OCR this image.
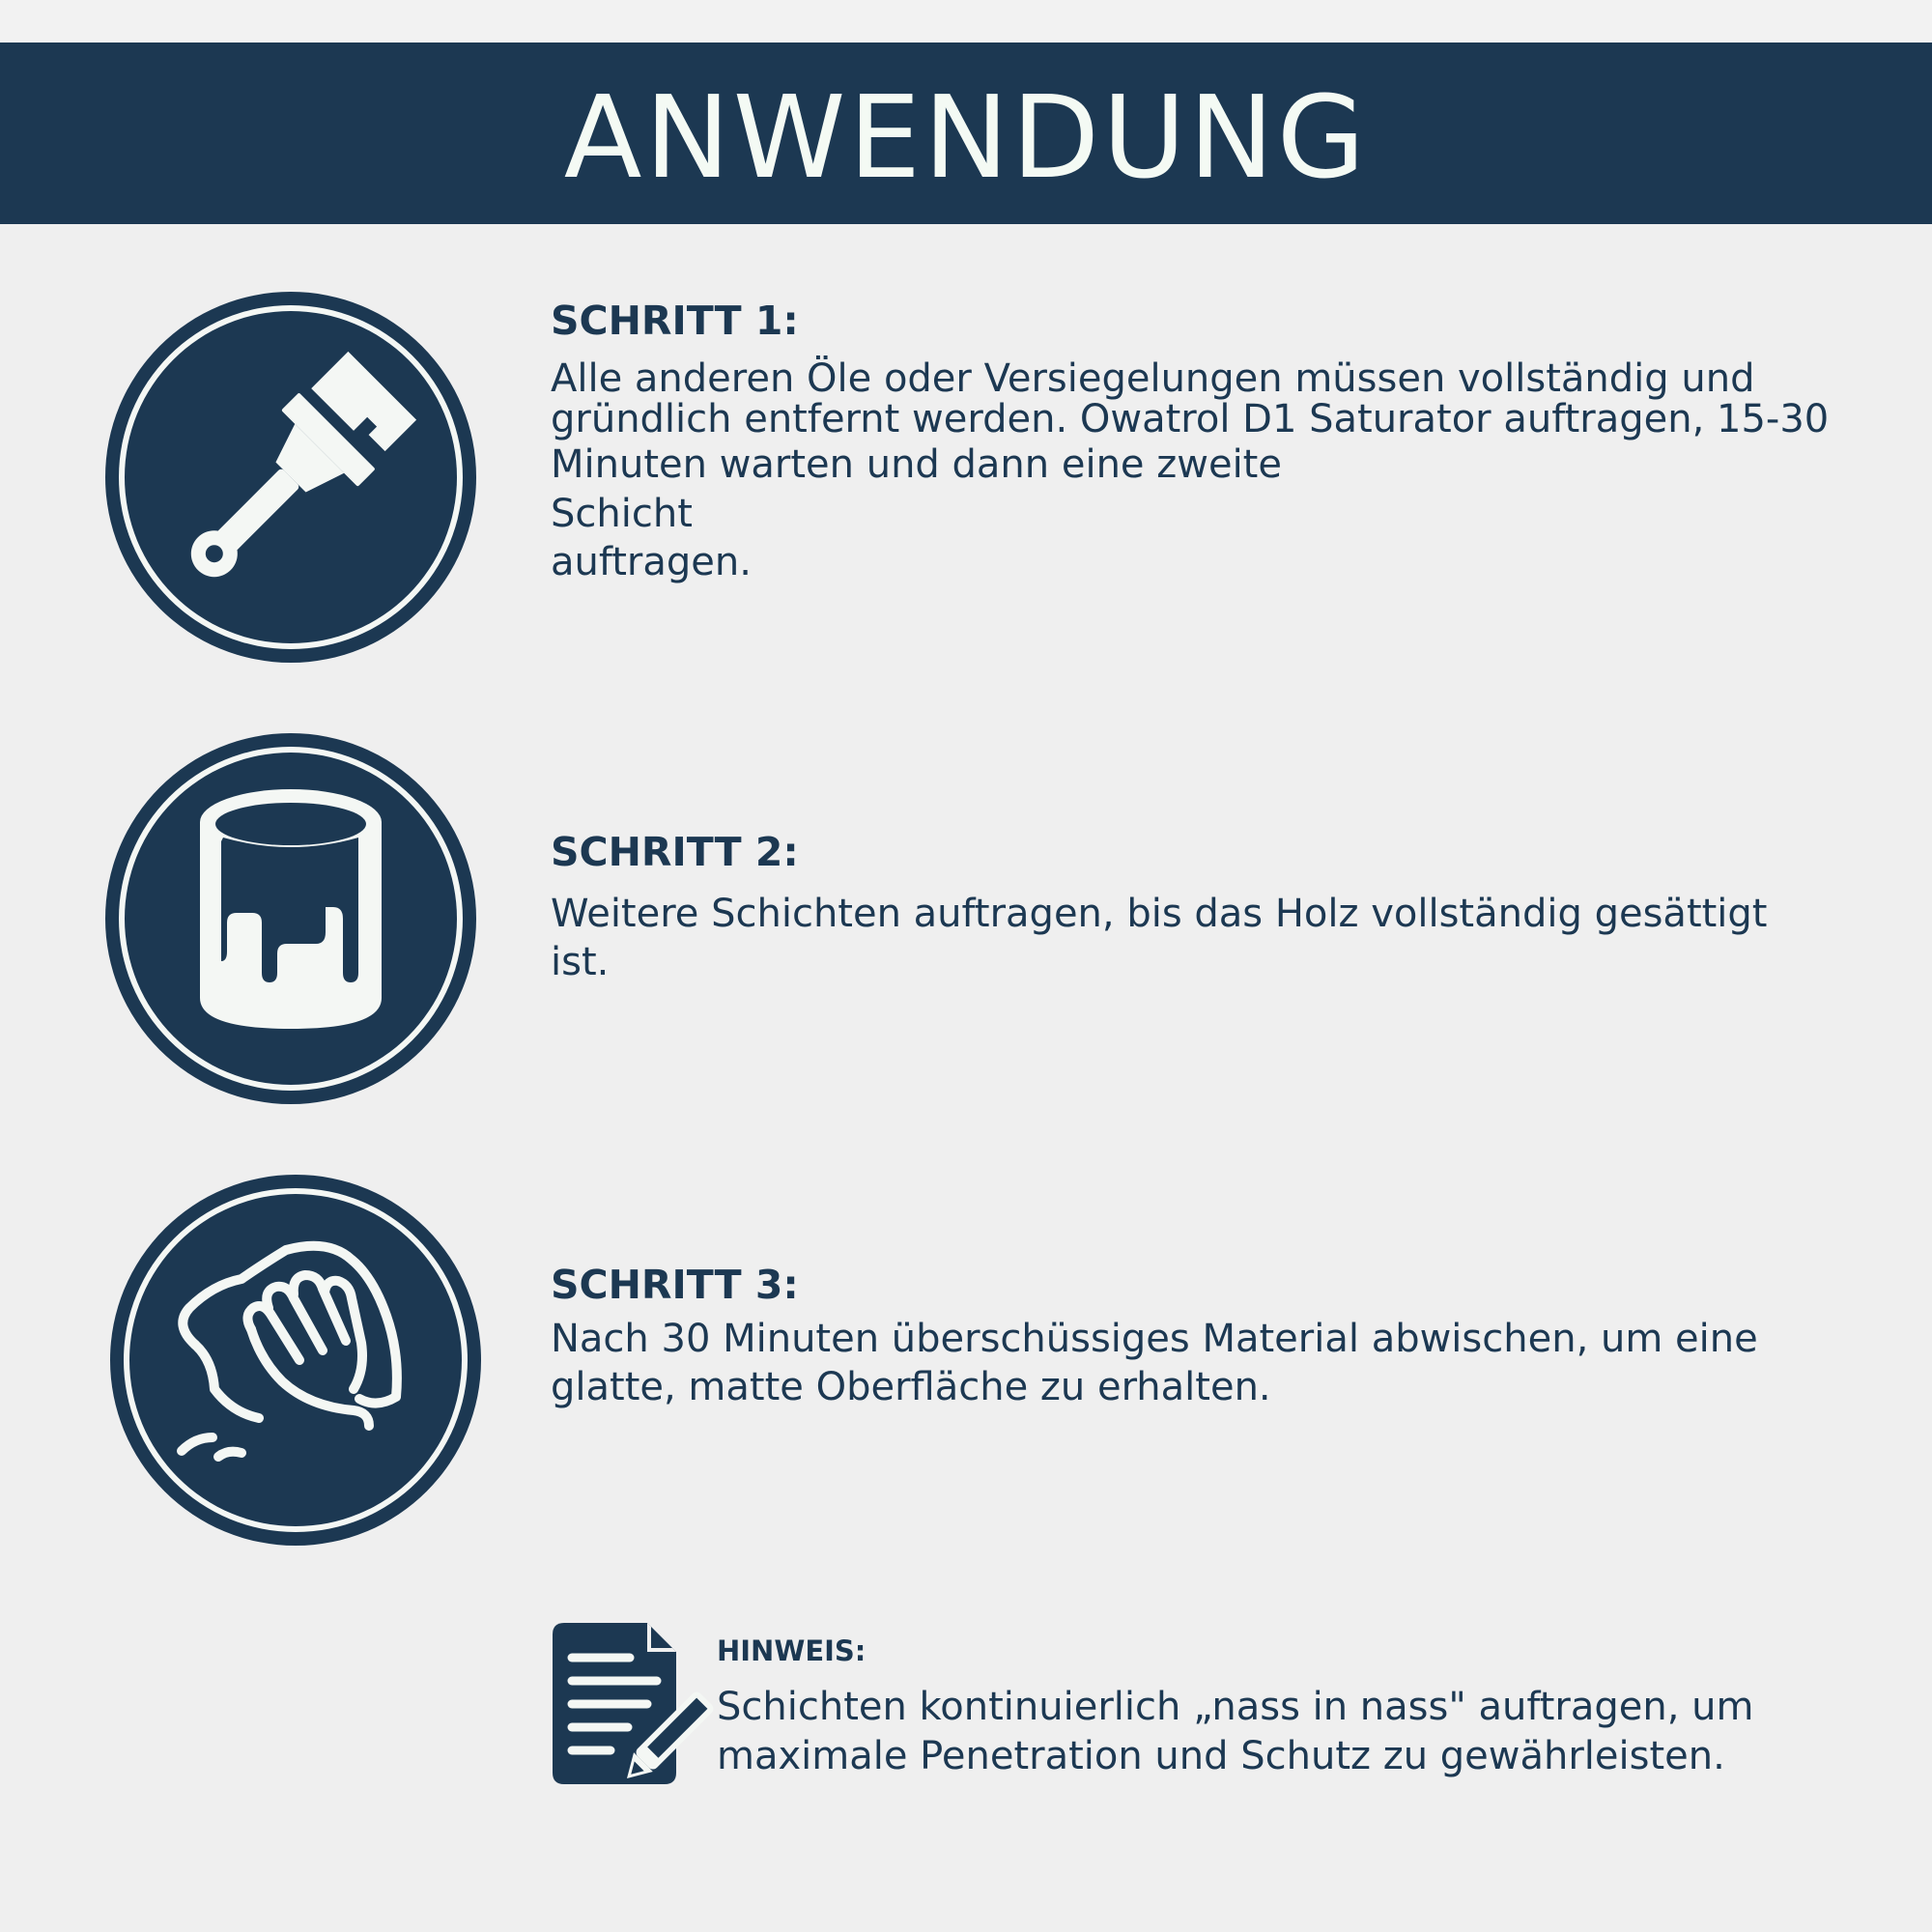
ANWENDUNG
SCHRITT 1:
Alle anderen Öle oder Versiegelungen müssen vollständig und
gründlich entfernt werden. Owatrol D1 Saturator auftragen, 15-30
Minuten warten und dann eine zweite
Schicht
auftragen.
SCHRITT 2:
Weitere Schichten auftragen, bis das Holz vollständig gesättigt
ist.
SCHRITT 3:
Nach 30 Minuten überschüssiges Material abwischen, um eine
glatte, matte Oberfläche zu erhalten.
HINWEIS:
Schichten kontinuierlich „nass in nass" auftragen, um
maximale Penetration und Schutz zu gewährleisten.
